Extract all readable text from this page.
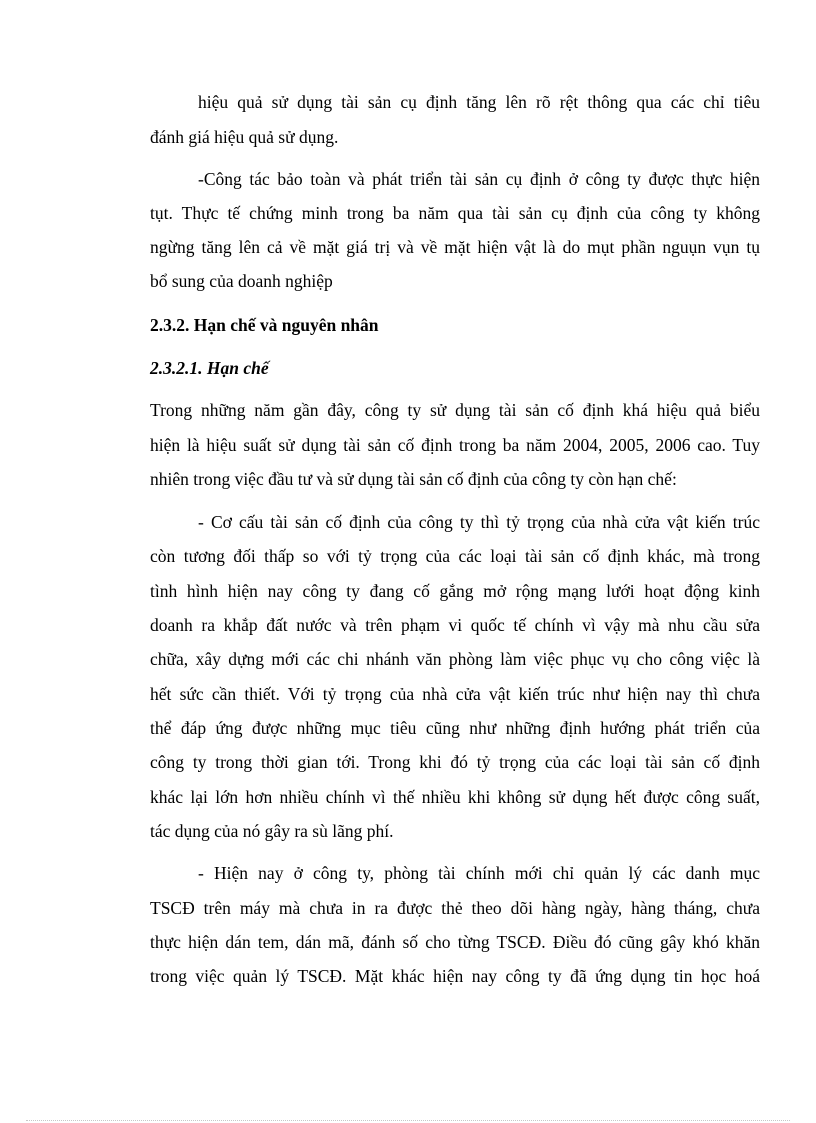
hiệu quả sử dụng tài sản cụ định tăng lên rõ rệt thông qua các chỉ tiêu
đánh giá hiệu quả sử dụng.
-Công tác bảo toàn và phát triển tài sản cụ định ở công ty được thực hiện
tụt. Thực tế chứng minh trong ba năm qua tài sản cụ định của công ty không
ngừng tăng lên cả về mặt giá trị và về mặt hiện vật là do mụt phần nguụn vụn tụ
bổ sung của doanh nghiệp
2.3.2. Hạn chế và nguyên nhân
2.3.2.1. Hạn chế
Trong những năm gần đây, công ty sử dụng tài sản cố định khá hiệu quả biểu
hiện là hiệu suất sử dụng tài sản cố định trong ba năm 2004, 2005, 2006 cao. Tuy
nhiên trong việc đầu tư và sử dụng tài sản cố định của công ty còn hạn chế:
- Cơ cấu tài sản cố định của công ty thì tỷ trọng của nhà cửa vật kiến trúc
còn tương đối thấp so với tỷ trọng của các loại tài sản cố định khác, mà trong
tình hình hiện nay công ty đang cố gắng mở rộng mạng lưới hoạt động kinh
doanh ra khắp đất nước và trên phạm vi quốc tế chính vì vậy mà nhu cầu sửa
chữa, xây dựng mới các chi nhánh văn phòng làm việc phục vụ cho công việc là
hết sức cần thiết. Với tỷ trọng của nhà cửa vật kiến trúc như hiện nay thì chưa
thể đáp ứng được những mục tiêu cũng như những định hướng phát triển của
công ty trong thời gian tới. Trong khi đó tỷ trọng của các loại tài sản cố định
khác lại lớn hơn nhiều chính vì thế nhiều khi không sử dụng hết được công suất,
tác dụng của nó gây ra sù lãng phí.
- Hiện nay ở công ty, phòng tài chính mới chỉ quản lý các danh mục
TSCĐ trên máy mà chưa in ra được thẻ theo dõi hàng ngày, hàng tháng, chưa
thực hiện dán tem, dán mã, đánh số cho từng TSCĐ. Điều đó cũng gây khó khăn
trong việc quản lý TSCĐ. Mặt khác hiện nay công ty đã ứng dụng tin học hoá
